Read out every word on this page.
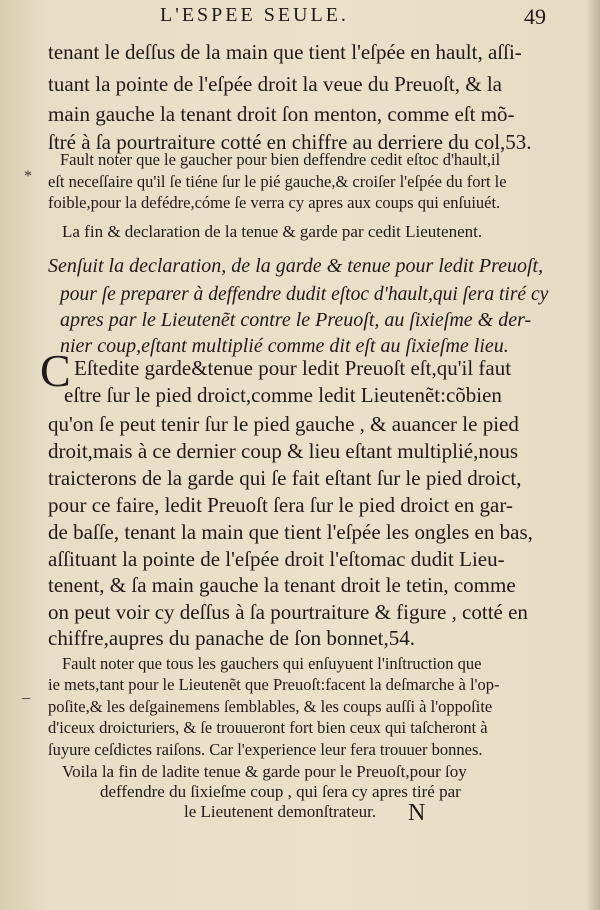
L'ESPEE SEULE.	49
tenant le deſſus de la main que tient l'eſpée en hault, aſſi-
tuant la pointe de l'eſpée droit la veue du Preuoſt, & la
main gauche la tenant droit ſon menton, comme eſt mõ-
ſtré à ſa pourtraiture cotté en chiffre au derriere du col,53.
Fault noter que le gaucher pour bien deffendre cedit eſtoc d'hault,il
eſt neceſſaire qu'il ſe tiéne ſur le pié gauche,& croiſer l'eſpée du fort le
foible,pour la defédre,cóme ſe verra cy apres aux coups qui enſuiuét.
La fin & declaration de la tenue & garde par cedit Lieutenent.
Senſuit la declaration, de la garde & tenue pour ledit Preuoſt,
pour ſe preparer à deffendre dudit eſtoc d'hault,qui ſera tiré cy
apres par le Lieutenẽt contre le Preuoſt, au ſixieſme & der-
nier coup,eſtant multiplié comme dit eſt au ſixieſme lieu.
C Eſtedite garde&tenue pour ledit Preuoſt eſt,qu'il faut
eſtre ſur le pied droict,comme ledit Lieutenẽt:cõbien
qu'on ſe peut tenir ſur le pied gauche , & auancer le pied
droit,mais à ce dernier coup & lieu eſtant multiplié,nous
traicterons de la garde qui ſe fait eſtant ſur le pied droict,
pour ce faire, ledit Preuoſt ſera ſur le pied droict en gar-
de baſſe, tenant la main que tient l'eſpée les ongles en bas,
aſſituant la pointe de l'eſpée droit l'eſtomac dudit Lieu-
tenent, & ſa main gauche la tenant droit le tetin, comme
on peut voir cy deſſus à ſa pourtraiture & figure , cotté en
chiffre,aupres du panache de ſon bonnet,54.
Fault noter que tous les gauchers qui enſuyuent l'inſtruction que
ie mets,tant pour le Lieutenẽt que Preuoſt:facent la deſmarche à l'op-
poſite,& les deſgainemens ſemblables, & les coups auſſi à l'oppoſite
d'iceux droicturiers, & ſe trouueront fort bien ceux qui taſcheront à
ſuyure ceſdictes raiſons. Car l'experience leur fera trouuer bonnes.
Voila la fin de ladite tenue & garde pour le Preuoſt,pour ſoy
deffendre du ſixieſme coup , qui ſera cy apres tiré par
le Lieutenent demonſtrateur.
*
_
N
